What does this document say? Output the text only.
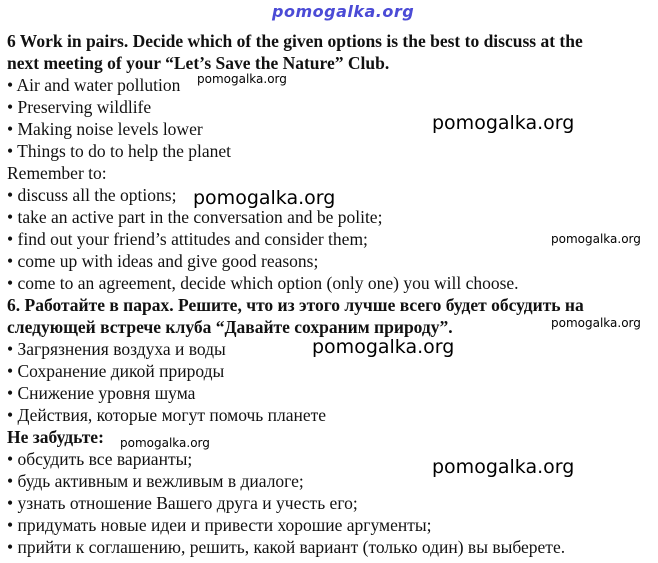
pomogalka.org
6 Work in pairs. Decide which of the given options is the best to discuss at the
next meeting of your “Let’s Save the Nature” Club.
• Air and water pollution
• Preserving wildlife
• Making noise levels lower
• Things to do to help the planet
Remember to:
• discuss all the options;
• take an active part in the conversation and be polite;
• find out your friend’s attitudes and consider them;
• come up with ideas and give good reasons;
• come to an agreement, decide which option (only one) you will choose.
6. Работайте в парах. Решите, что из этого лучше всего будет обсудить на
следующей встрече клуба “Давайте сохраним природу”.
• Загрязнения воздуха и воды
• Сохранение дикой природы
• Снижение уровня шума
• Действия, которые могут помочь планете
Не забудьте:
• обсудить все варианты;
• будь активным и вежливым в диалоге;
• узнать отношение Вашего друга и учесть его;
• придумать новые идеи и привести хорошие аргументы;
• прийти к соглашению, решить, какой вариант (только один) вы выберете.
pomogalka.org
pomogalka.org
pomogalka.org
pomogalka.org
pomogalka.org
pomogalka.org
pomogalka.org
pomogalka.org
